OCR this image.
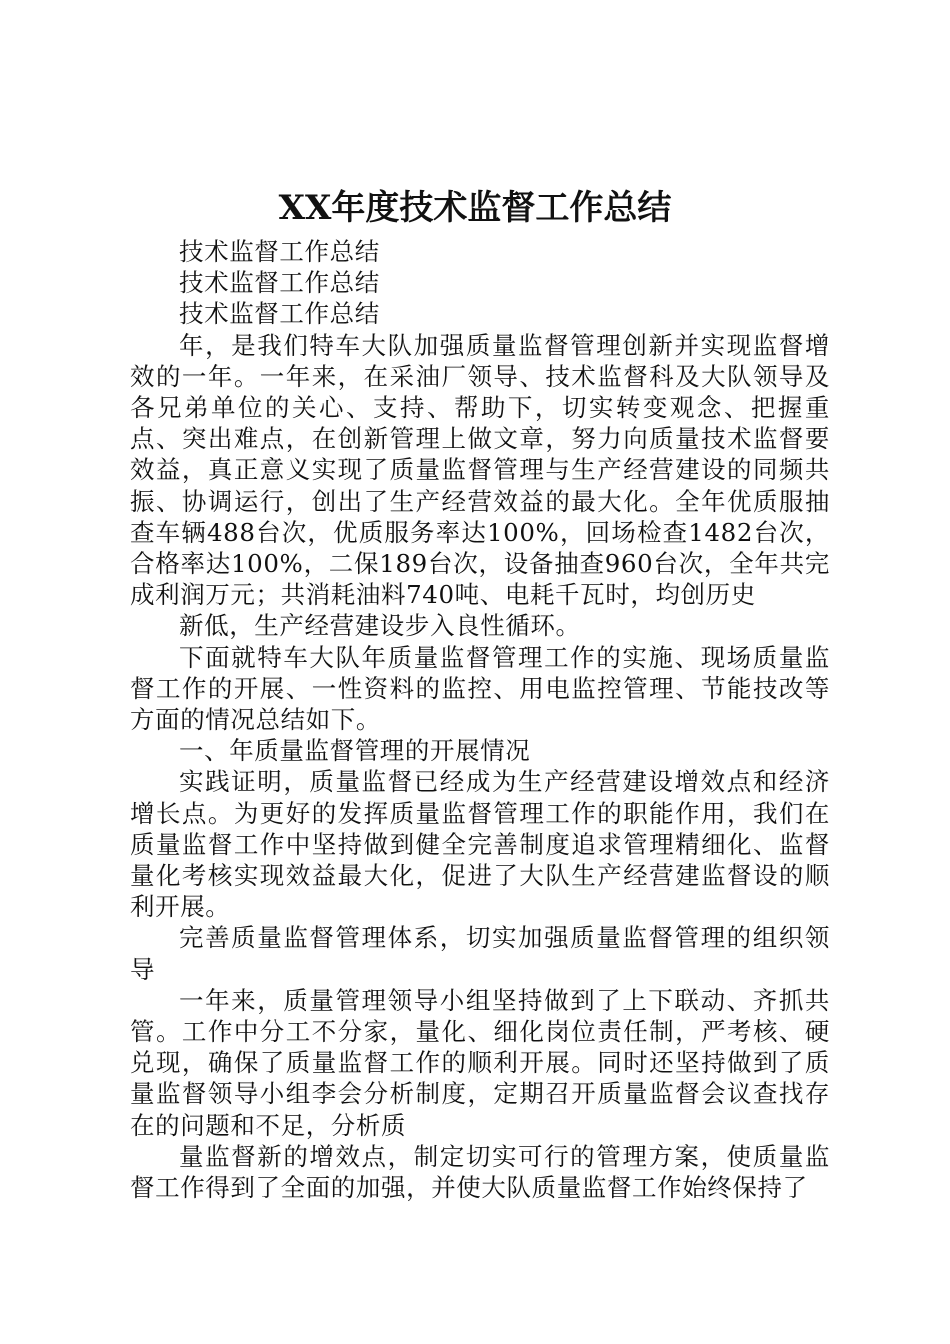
XX年度技术监督工作总结

技术监督工作总结

技术监督工作总结

技术监督工作总结

年，是我们特车大队加强质量监督管理创新并实现监督增效的一年。一年来，在采油厂领导、技术监督科及大队领导及各兄弟单位的关心、支持、帮助下，切实转变观念、把握重点、突出难点，在创新管理上做文章，努力向质量技术监督要效益，真正意义实现了质量监督管理与生产经营建设的同频共振、协调运行，创出了生产经营效益的最大化。全年优质服抽查车辆488台次，优质服务率达100%，回场检查1482台次，合格率达100%，二保189台次，设备抽查960台次，全年共完成利润万元；共消耗油料740吨、电耗千瓦时，均创历史

新低，生产经营建设步入良性循环。

下面就特车大队年质量监督管理工作的实施、现场质量监督工作的开展、一性资料的监控、用电监控管理、节能技改等方面的情况总结如下。

一、年质量监督管理的开展情况

实践证明，质量监督已经成为生产经营建设增效点和经济增长点。为更好的发挥质量监督管理工作的职能作用，我们在质量监督工作中坚持做到健全完善制度追求管理精细化、监督量化考核实现效益最大化，促进了大队生产经营建监督设的顺利开展。

完善质量监督管理体系，切实加强质量监督管理的组织领导

一年来，质量管理领导小组坚持做到了上下联动、齐抓共管。工作中分工不分家，量化、细化岗位责任制，严考核、硬兑现，确保了质量监督工作的顺利开展。同时还坚持做到了质量监督领导小组李会分析制度，定期召开质量监督会议查找存在的问题和不足，分析质

量监督新的增效点，制定切实可行的管理方案，使质量监督工作得到了全面的加强，并使大队质量监督工作始终保持了
